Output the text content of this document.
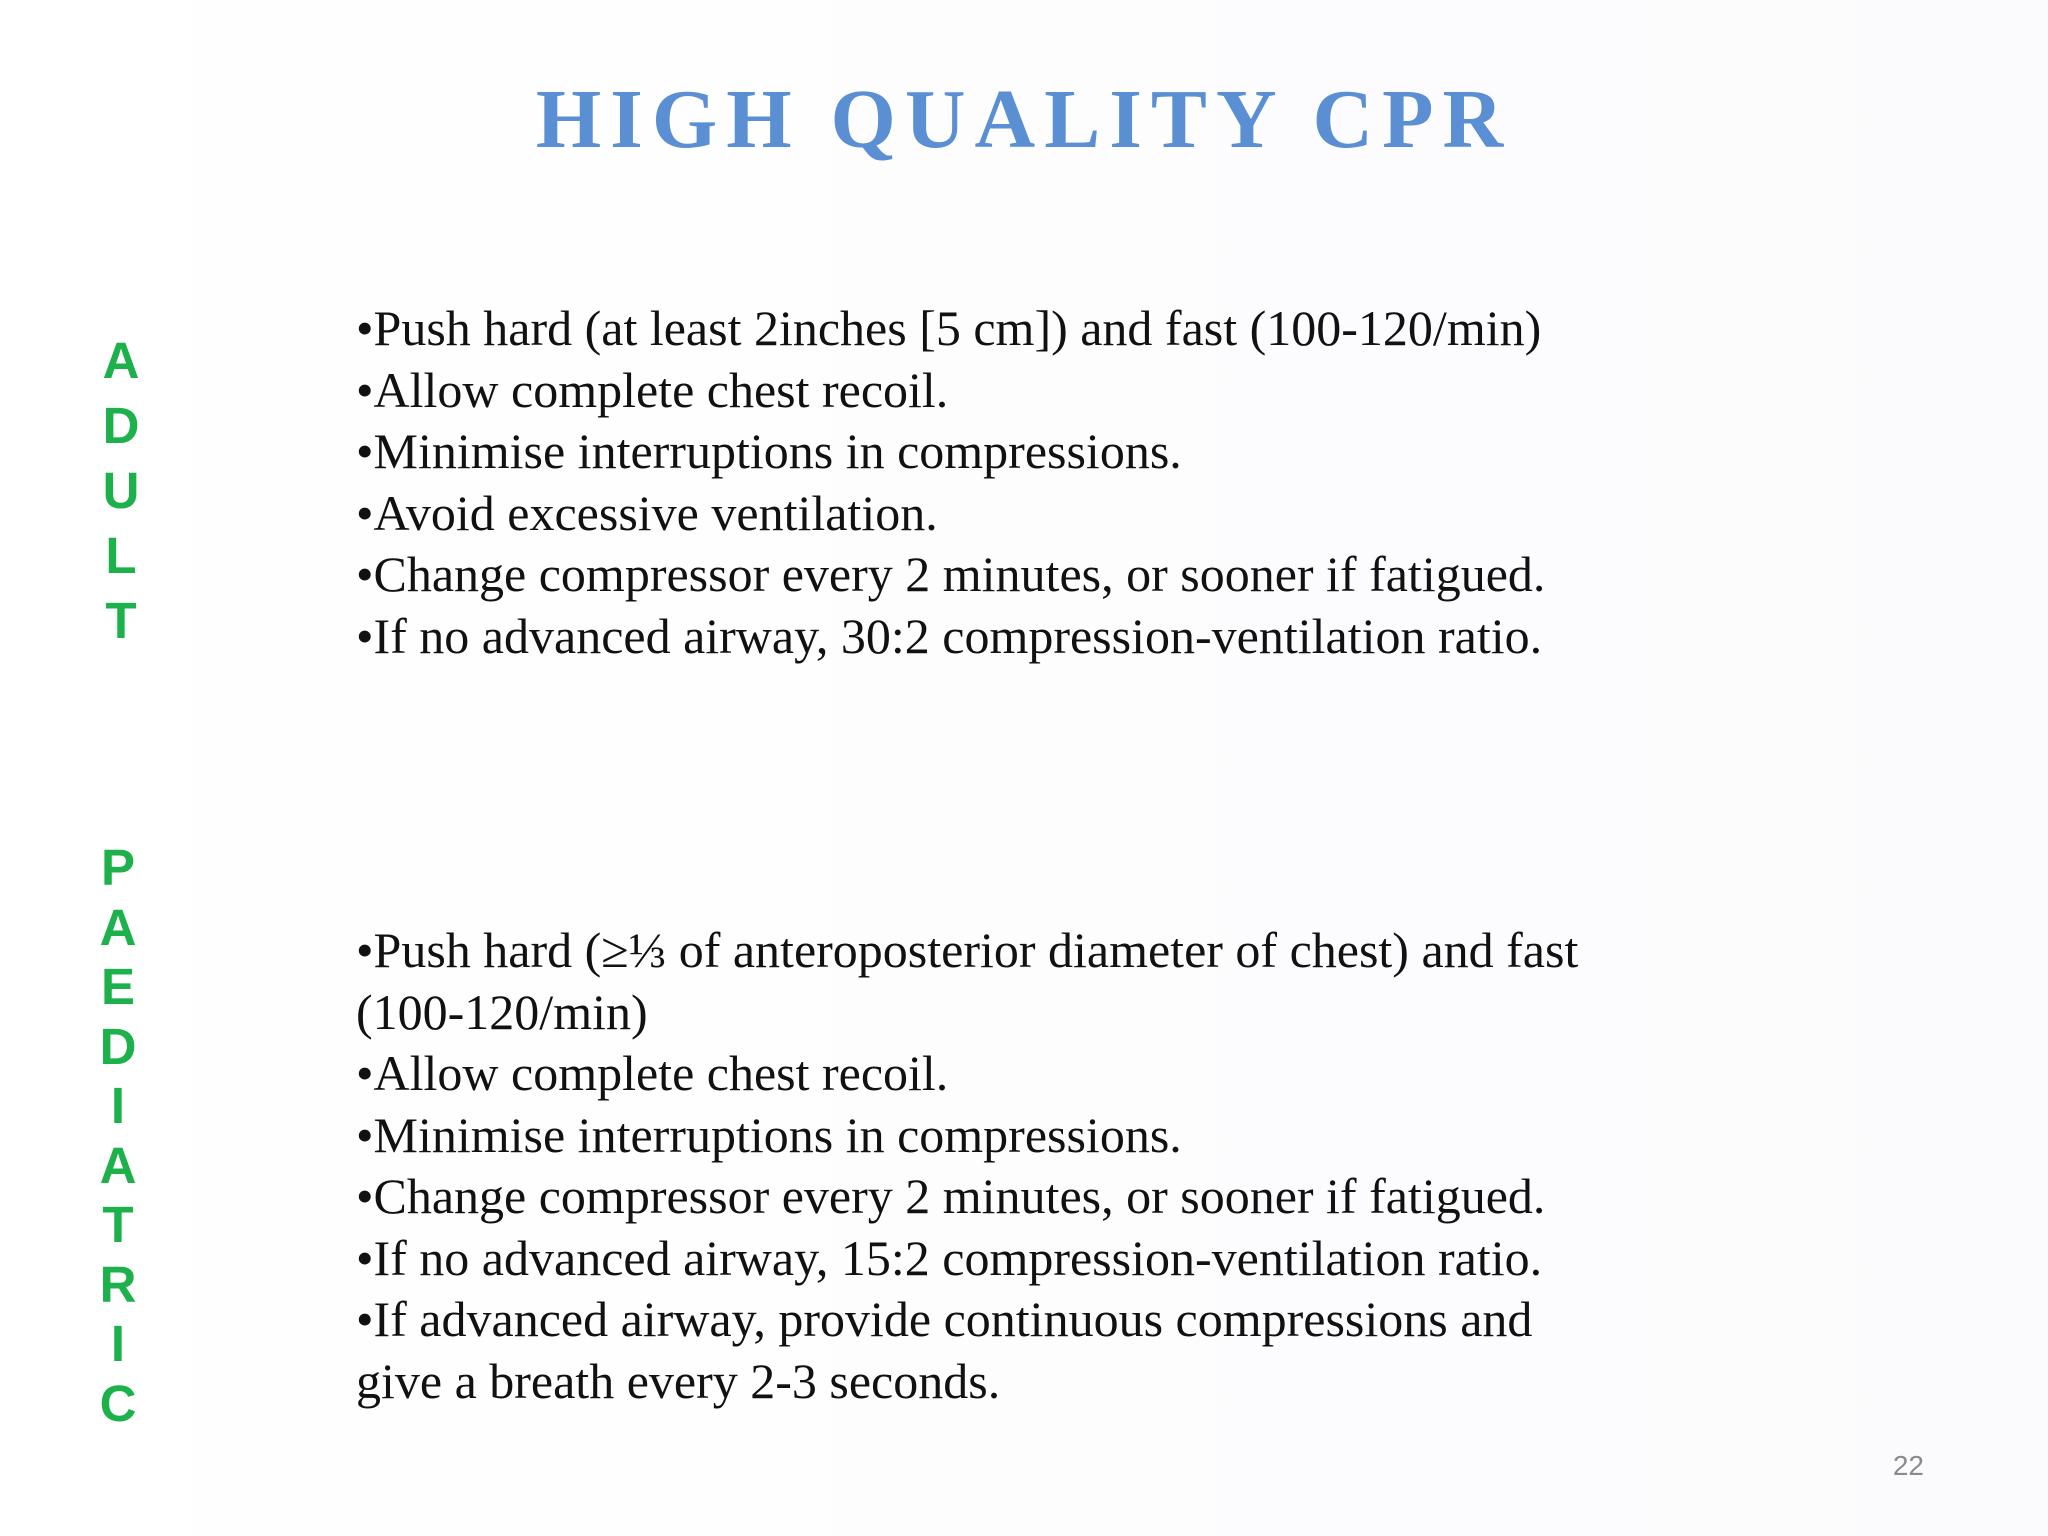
HIGH QUALITY CPR
A
D
U
L
T
•Push hard (at least 2inches [5 cm]) and fast (100-120/min)
•Allow complete chest recoil.
•Minimise interruptions in compressions.
•Avoid excessive ventilation.
•Change compressor every 2 minutes, or sooner if fatigued.
•If no advanced airway, 30:2 compression-ventilation ratio.
P
A
E
D
I
A
T
R
I
C
•Push hard (≥⅓ of anteroposterior diameter of chest) and fast
(100-120/min)
•Allow complete chest recoil.
•Minimise interruptions in compressions.
•Change compressor every 2 minutes, or sooner if fatigued.
•If no advanced airway, 15:2 compression-ventilation ratio.
•If advanced airway, provide continuous compressions and
give a breath every 2-3 seconds.
22
